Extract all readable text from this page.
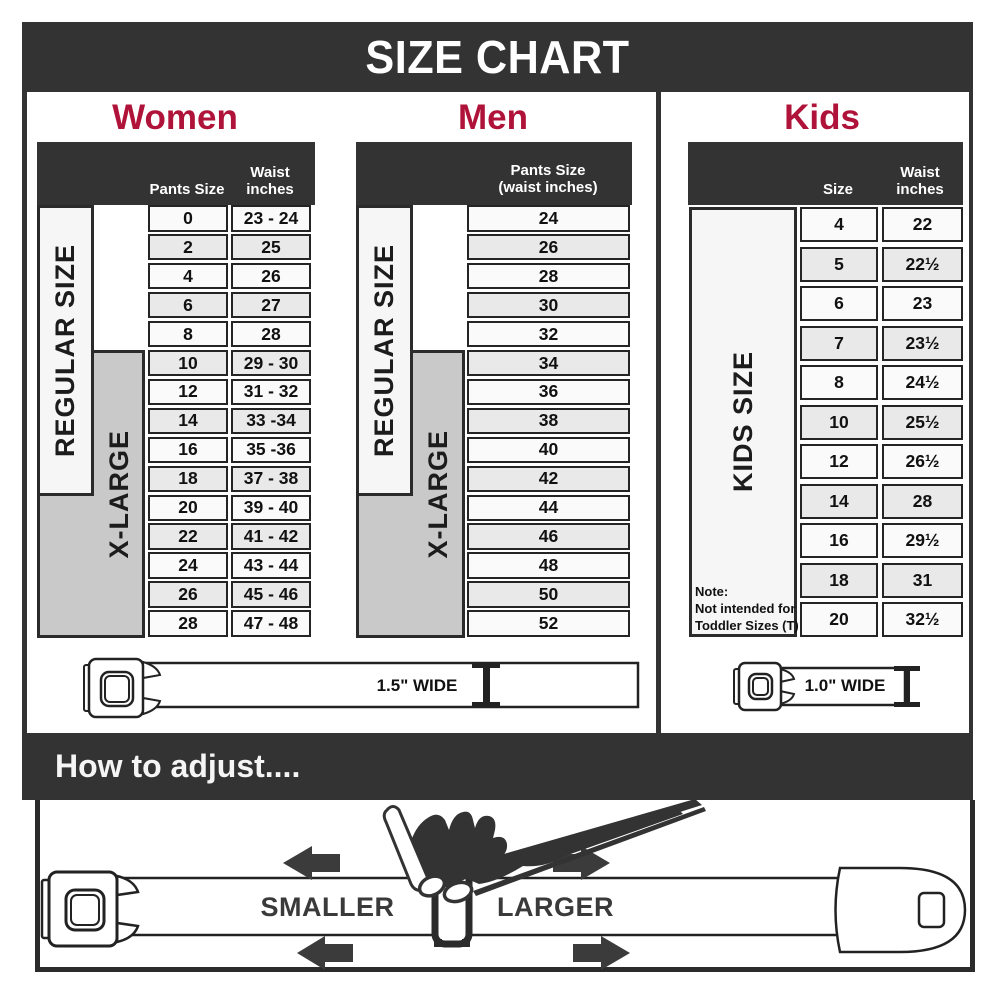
SIZE CHART
Women
Pants Size
Waist
inches
REGULAR SIZE
X-LARGE
0	23 - 24
2	25
4	26
6	27
8	28
10	29 - 30
12	31 - 32
14	33 -34
16	35 -36
18	37 - 38
20	39 - 40
22	41 - 42
24	43 - 44
26	45 - 46
28	47 - 48
Men
Pants Size
(waist inches)
REGULAR SIZE
X-LARGE
24
26
28
30
32
34
36
38
40
42
44
46
48
50
52
Kids
Size
Waist
inches
KIDS SIZE
Note:
Not intended for
Toddler Sizes (T)
4	22
5	22½
6	23
7	23½
8	24½
10	25½
12	26½
14	28
16	29½
18	31
20	32½
1.5" WIDE	1.0" WIDE
How to adjust....
SMALLER	LARGER
